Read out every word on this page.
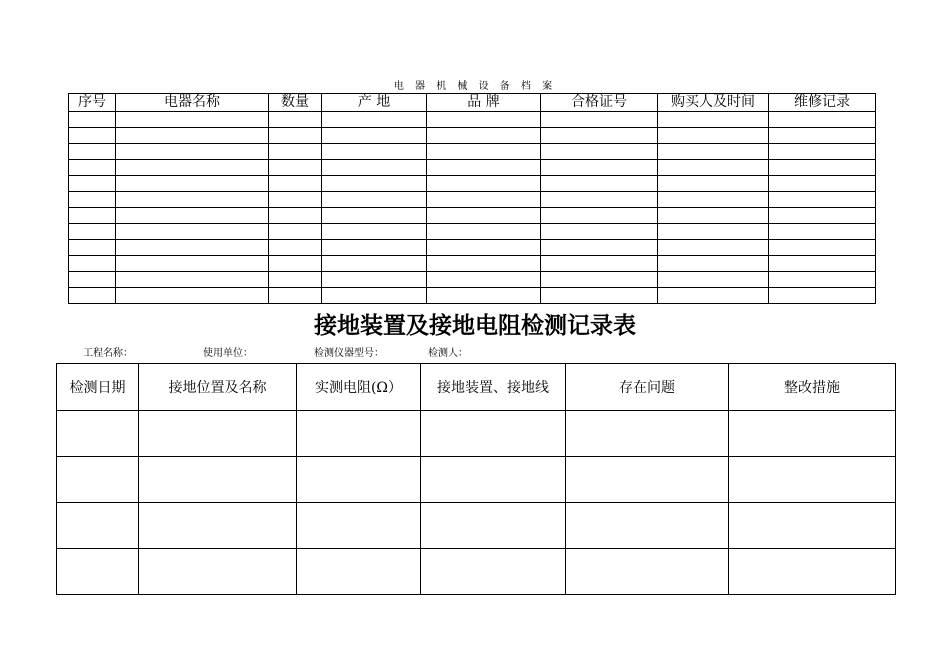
电 器 机 械 设 备 档 案
序号	电器名称	数量	产 地	品 牌	合格证号	购买人及时间	维修记录

接地装置及接地电阻检测记录表
工程名称：	使用单位：	检测仪器型号：	检测人：
检测日期	接地位置及名称	实测电阻(Ω）	接地装置、接地线	存在问题	整改措施
